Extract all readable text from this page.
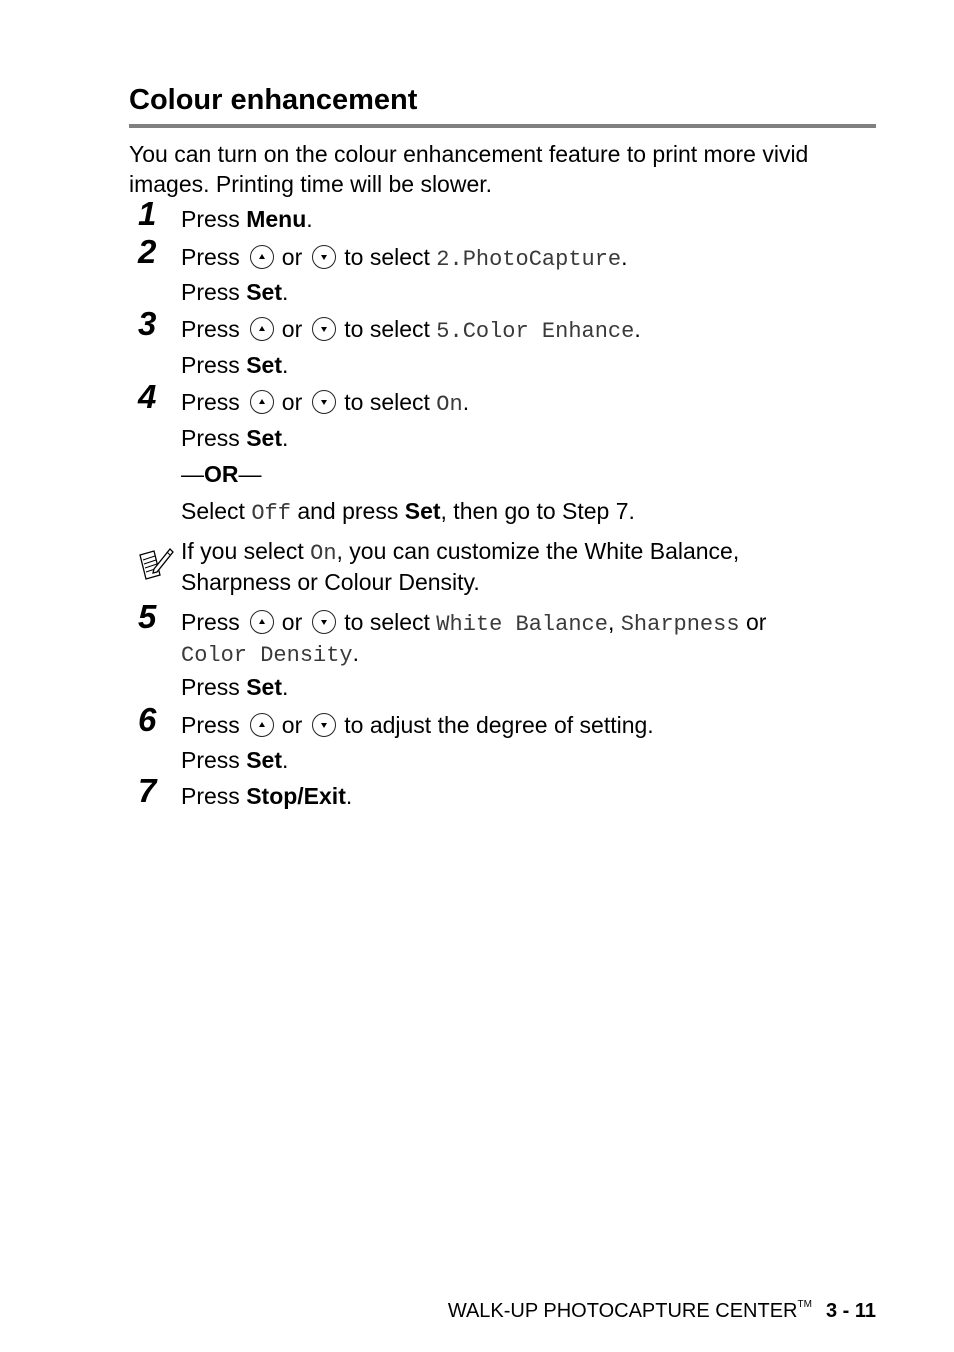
Colour enhancement

You can turn on the colour enhancement feature to print more vivid images. Printing time will be slower.

1 Press Menu.
2 Press or to select 2.PhotoCapture.
Press Set.
3 Press or to select 5.Color Enhance.
Press Set.
4 Press or to select On.
Press Set.
—OR—
Select Off and press Set, then go to Step 7.
If you select On, you can customize the White Balance, Sharpness or Colour Density.
5 Press or to select White Balance, Sharpness or
Color Density.
Press Set.
6 Press or to adjust the degree of setting.
Press Set.
7 Press Stop/Exit.
WALK-UP PHOTOCAPTURE CENTER™ 3 - 11
